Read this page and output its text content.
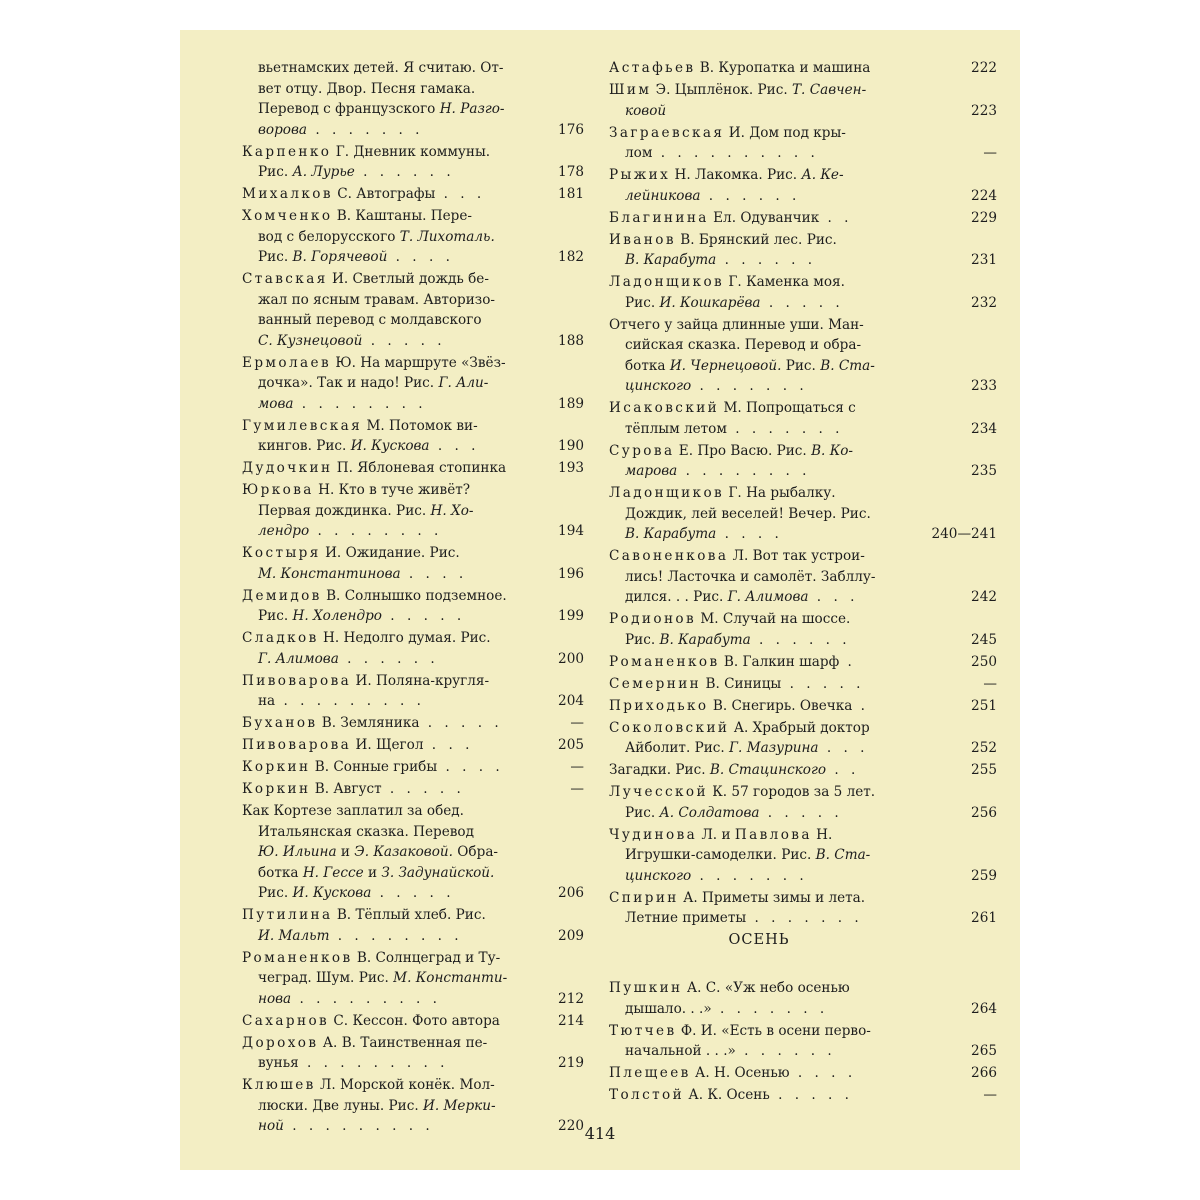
вьетнамских детей. Я считаю. От-
вет отцу. Двор. Песня гамака.
Перевод с французского Н. Разго-
ворова . . . . . . .	176
Карпенко Г. Дневник коммуны.
Рис. А. Лурье . . . . . .	178
Михалков С. Автографы . . .	181
Хомченко В. Каштаны. Пере-
вод с белорусского Т. Лихоталь.
Рис. В. Горячевой . . . .	182
Ставская И. Светлый дождь бе-
жал по ясным травам. Авторизо-
ванный перевод с молдавского
С. Кузнецовой . . . . .	188
Ермолаев Ю. На маршруте «Звёз-
дочка». Так и надо! Рис. Г. Али-
мова . . . . . . . .	189
Гумилевская М. Потомок ви-
кингов. Рис. И. Кускова . . .	190
Дудочкин П. Яблоневая стопинка	193
Юркова Н. Кто в туче живёт?
Первая дождинка. Рис. Н. Хо-
лендро . . . . . . . .	194
Костыря И. Ожидание. Рис.
М. Константинова . . . .	196
Демидов В. Солнышко подземное.
Рис. Н. Холендро . . . . .	199
Сладков Н. Недолго думая. Рис.
Г. Алимова . . . . . .	200
Пивоварова И. Поляна-кругля-
на . . . . . . . . .	204
Буханов В. Земляника . . . . .	—
Пивоварова И. Щегол . . .	205
Коркин В. Сонные грибы . . . .	—
Коркин В. Август . . . . .	—
Как Кортезе заплатил за обед.
Итальянская сказка. Перевод
Ю. Ильина и Э. Казаковой. Обра-
ботка Н. Гессе и З. Задунайской.
Рис. И. Кускова . . . . .	206
Путилина В. Тёплый хлеб. Рис.
И. Мальт . . . . . . . .	209
Романенков В. Солнцеград и Ту-
чеград. Шум. Рис. М. Константи-
нова . . . . . . . . .	212
Сахарнов С. Кессон. Фото автора	214
Дорохов А. В. Таинственная пе-
вунья . . . . . . . . .	219
Клюшев Л. Морской конёк. Мол-
люски. Две луны. Рис. И. Мерки-
ной . . . . . . . . .	220
Астафьев В. Куропатка и машина	222
Шим Э. Цыплёнок. Рис. Т. Савчен-
ковой	223
Заграевская И. Дом под кры-
лом . . . . . . . . . .	—
Рыжих Н. Лакомка. Рис. А. Ке-
лейникова . . . . . .	224
Благинина Ел. Одуванчик . .	229
Иванов В. Брянский лес. Рис.
В. Карабута . . . . . .	231
Ладонщиков Г. Каменка моя.
Рис. И. Кошкарёва . . . . .	232
Отчего у зайца длинные уши. Ман-
сийская сказка. Перевод и обра-
ботка И. Чернецовой. Рис. В. Ста-
цинского . . . . . . .	233
Исаковский М. Попрощаться с
тёплым летом . . . . . . .	234
Сурова Е. Про Васю. Рис. В. Ко-
марова . . . . . . . .	235
Ладонщиков Г. На рыбалку.
Дождик, лей веселей! Вечер. Рис.
В. Карабута . . . .	240—241
Савоненкова Л. Вот так устрои-
лись! Ласточка и самолёт. Забллу-
дился. . . Рис. Г. Алимова . . .	242
Родионов М. Случай на шоссе.
Рис. В. Карабута . . . . . .	245
Романенков В. Галкин шарф .	250
Семернин В. Синицы . . . . .	—
Приходько В. Снегирь. Овечка .	251
Соколовский А. Храбрый доктор
Айболит. Рис. Г. Мазурина . . .	252
Загадки. Рис. В. Стацинского . .	255
Лучесской К. 57 городов за 5 лет.
Рис. А. Солдатова . . . . .	256
Чудинова Л. и Павлова Н.
Игрушки-самоделки. Рис. В. Ста-
цинского . . . . . . .	259
Спирин А. Приметы зимы и лета.
Летние приметы . . . . . . .	261
ОСЕНЬ
Пушкин А. С. «Уж небо осенью
дышало. . .» . . . . . . .	264
Тютчев Ф. И. «Есть в осени перво-
начальной . . .» . . . . . .	265
Плещеев А. Н. Осенью . . . .	266
Толстой А. К. Осень . . . . .	—
414
